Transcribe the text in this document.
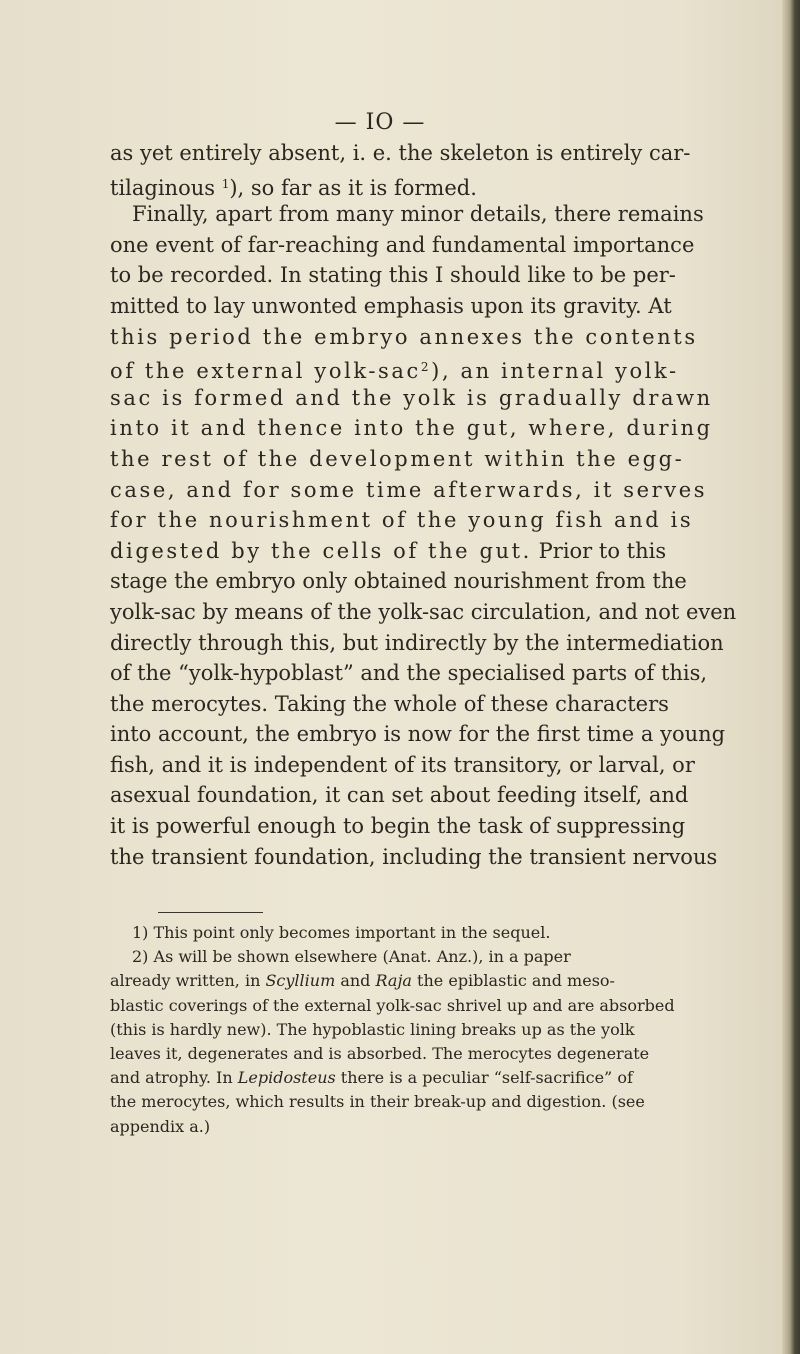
— IO —
as yet entirely absent, i. e. the skeleton is entirely car-
tilaginous $^1$), so far as it is formed.
Finally, apart from many minor details, there remains
one event of far-reaching and fundamental importance
to be recorded. In stating this I should like to be per-
mitted to lay unwonted emphasis upon its gravity. At
this period the embryo annexes the contents
of the external yolk-sac$^2$), an internal yolk-
sac is formed and the yolk is gradually drawn
into it and thence into the gut, where, during
the rest of the development within the egg-
case, and for some time afterwards, it serves
for the nourishment of the young fish and is
digested by the cells of the gut. Prior to this
stage the embryo only obtained nourishment from the
yolk-sac by means of the yolk-sac circulation, and not even
directly through this, but indirectly by the intermediation
of the “yolk-hypoblast” and the specialised parts of this,
the merocytes. Taking the whole of these characters
into account, the embryo is now for the first time a young
fish, and it is independent of its transitory, or larval, or
asexual foundation, it can set about feeding itself, and
it is powerful enough to begin the task of suppressing
the transient foundation, including the transient nervous
1) This point only becomes important in the sequel.
2) As will be shown elsewhere (Anat. Anz.), in a paper
already written, in Scyllium and Raja the epiblastic and meso-
blastic coverings of the external yolk-sac shrivel up and are absorbed
(this is hardly new). The hypoblastic lining breaks up as the yolk
leaves it, degenerates and is absorbed. The merocytes degenerate
and atrophy. In Lepidosteus there is a peculiar “self-sacrifice” of
the merocytes, which results in their break-up and digestion. (see
appendix a.)
